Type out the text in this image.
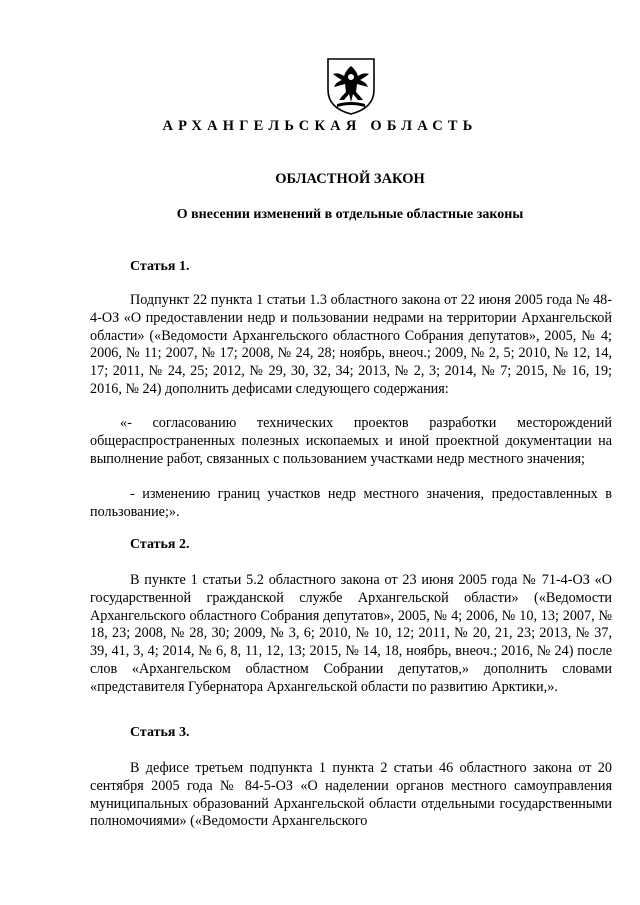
АРХАНГЕЛЬСКАЯ ОБЛАСТЬ
ОБЛАСТНОЙ ЗАКОН
О внесении изменений в отдельные областные законы
Статья 1.

Подпункт 22 пункта 1 статьи 1.3 областного закона от 22 июня 2005 года № 48-4-ОЗ «О предоставлении недр и пользовании недрами на территории Архангельской области» («Ведомости Архангельского областного Собрания депутатов», 2005, № 4; 2006, № 11; 2007, № 17; 2008, № 24, 28; ноябрь, внеоч.; 2009, № 2, 5; 2010, № 12, 14, 17; 2011, № 24, 25; 2012, № 29, 30, 32, 34; 2013, № 2, 3; 2014, № 7; 2015, № 16, 19; 2016, № 24) дополнить дефисами следующего содержания:

«- согласованию технических проектов разработки месторождений общераспространенных полезных ископаемых и иной проектной документации на выполнение работ, связанных с пользованием участками недр местного значения;

- изменению границ участков недр местного значения, предоставленных в пользование;».

Статья 2.

В пункте 1 статьи 5.2 областного закона от 23 июня 2005 года № 71-4-ОЗ «О государственной гражданской службе Архангельской области» («Ведомости Архангельского областного Собрания депутатов», 2005, № 4; 2006, № 10, 13; 2007, № 18, 23; 2008, № 28, 30; 2009, № 3, 6; 2010, № 10, 12; 2011, № 20, 21, 23; 2013, № 37, 39, 41, 3, 4; 2014, № 6, 8, 11, 12, 13; 2015, № 14, 18, ноябрь, внеоч.; 2016, № 24) после слов «Архангельском областном Собрании депутатов,» дополнить словами «представителя Губернатора Архангельской области по развитию Арктики,».

Статья 3.

В дефисе третьем подпункта 1 пункта 2 статьи 46 областного закона от 20 сентября 2005 года № 84-5-ОЗ «О наделении органов местного самоуправления муниципальных образований Архангельской области отдельными государственными полномочиями» («Ведомости Архангельского
